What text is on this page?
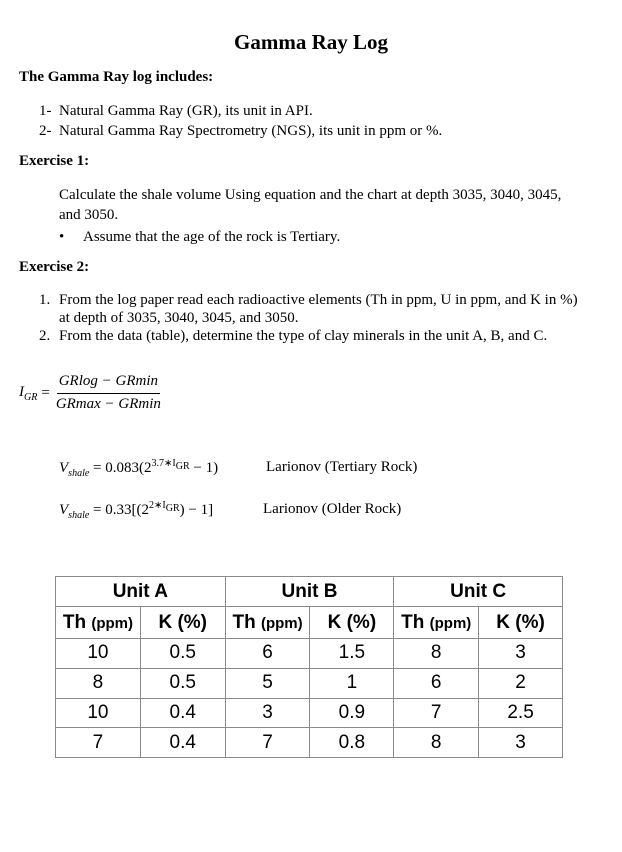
Gamma Ray Log
The Gamma Ray log includes:
1- Natural Gamma Ray (GR), its unit in API.
2- Natural Gamma Ray Spectrometry (NGS), its unit in ppm or %.
Exercise 1:
Calculate the shale volume Using equation and the chart at depth 3035, 3040, 3045,
and 3050.
• Assume that the age of the rock is Tertiary.
Exercise 2:
1. From the log paper read each radioactive elements (Th in ppm, U in ppm, and K in %)
at depth of 3035, 3040, 3045, and 3050.
2. From the data (table), determine the type of clay minerals in the unit A, B, and C.
$I_{GR} = \frac{GRlog - GRmin}{GRmax - GRmin}$
$V_{shale} = 0.083(2^{3.7∗I_{GR}} - 1)$	Larionov (Tertiary Rock)
$V_{shale} = 0.33[(2^{2∗I_{GR}}) - 1]$	Larionov (Older Rock)
Unit A		Unit B		Unit C	
Th (ppm)	K (%)	Th (ppm)	K (%)	Th (ppm)	K (%)
10	0.5	6	1.5	8	3
8	0.5	5	1	6	2
10	0.4	3	0.9	7	2.5
7	0.4	7	0.8	8	3
